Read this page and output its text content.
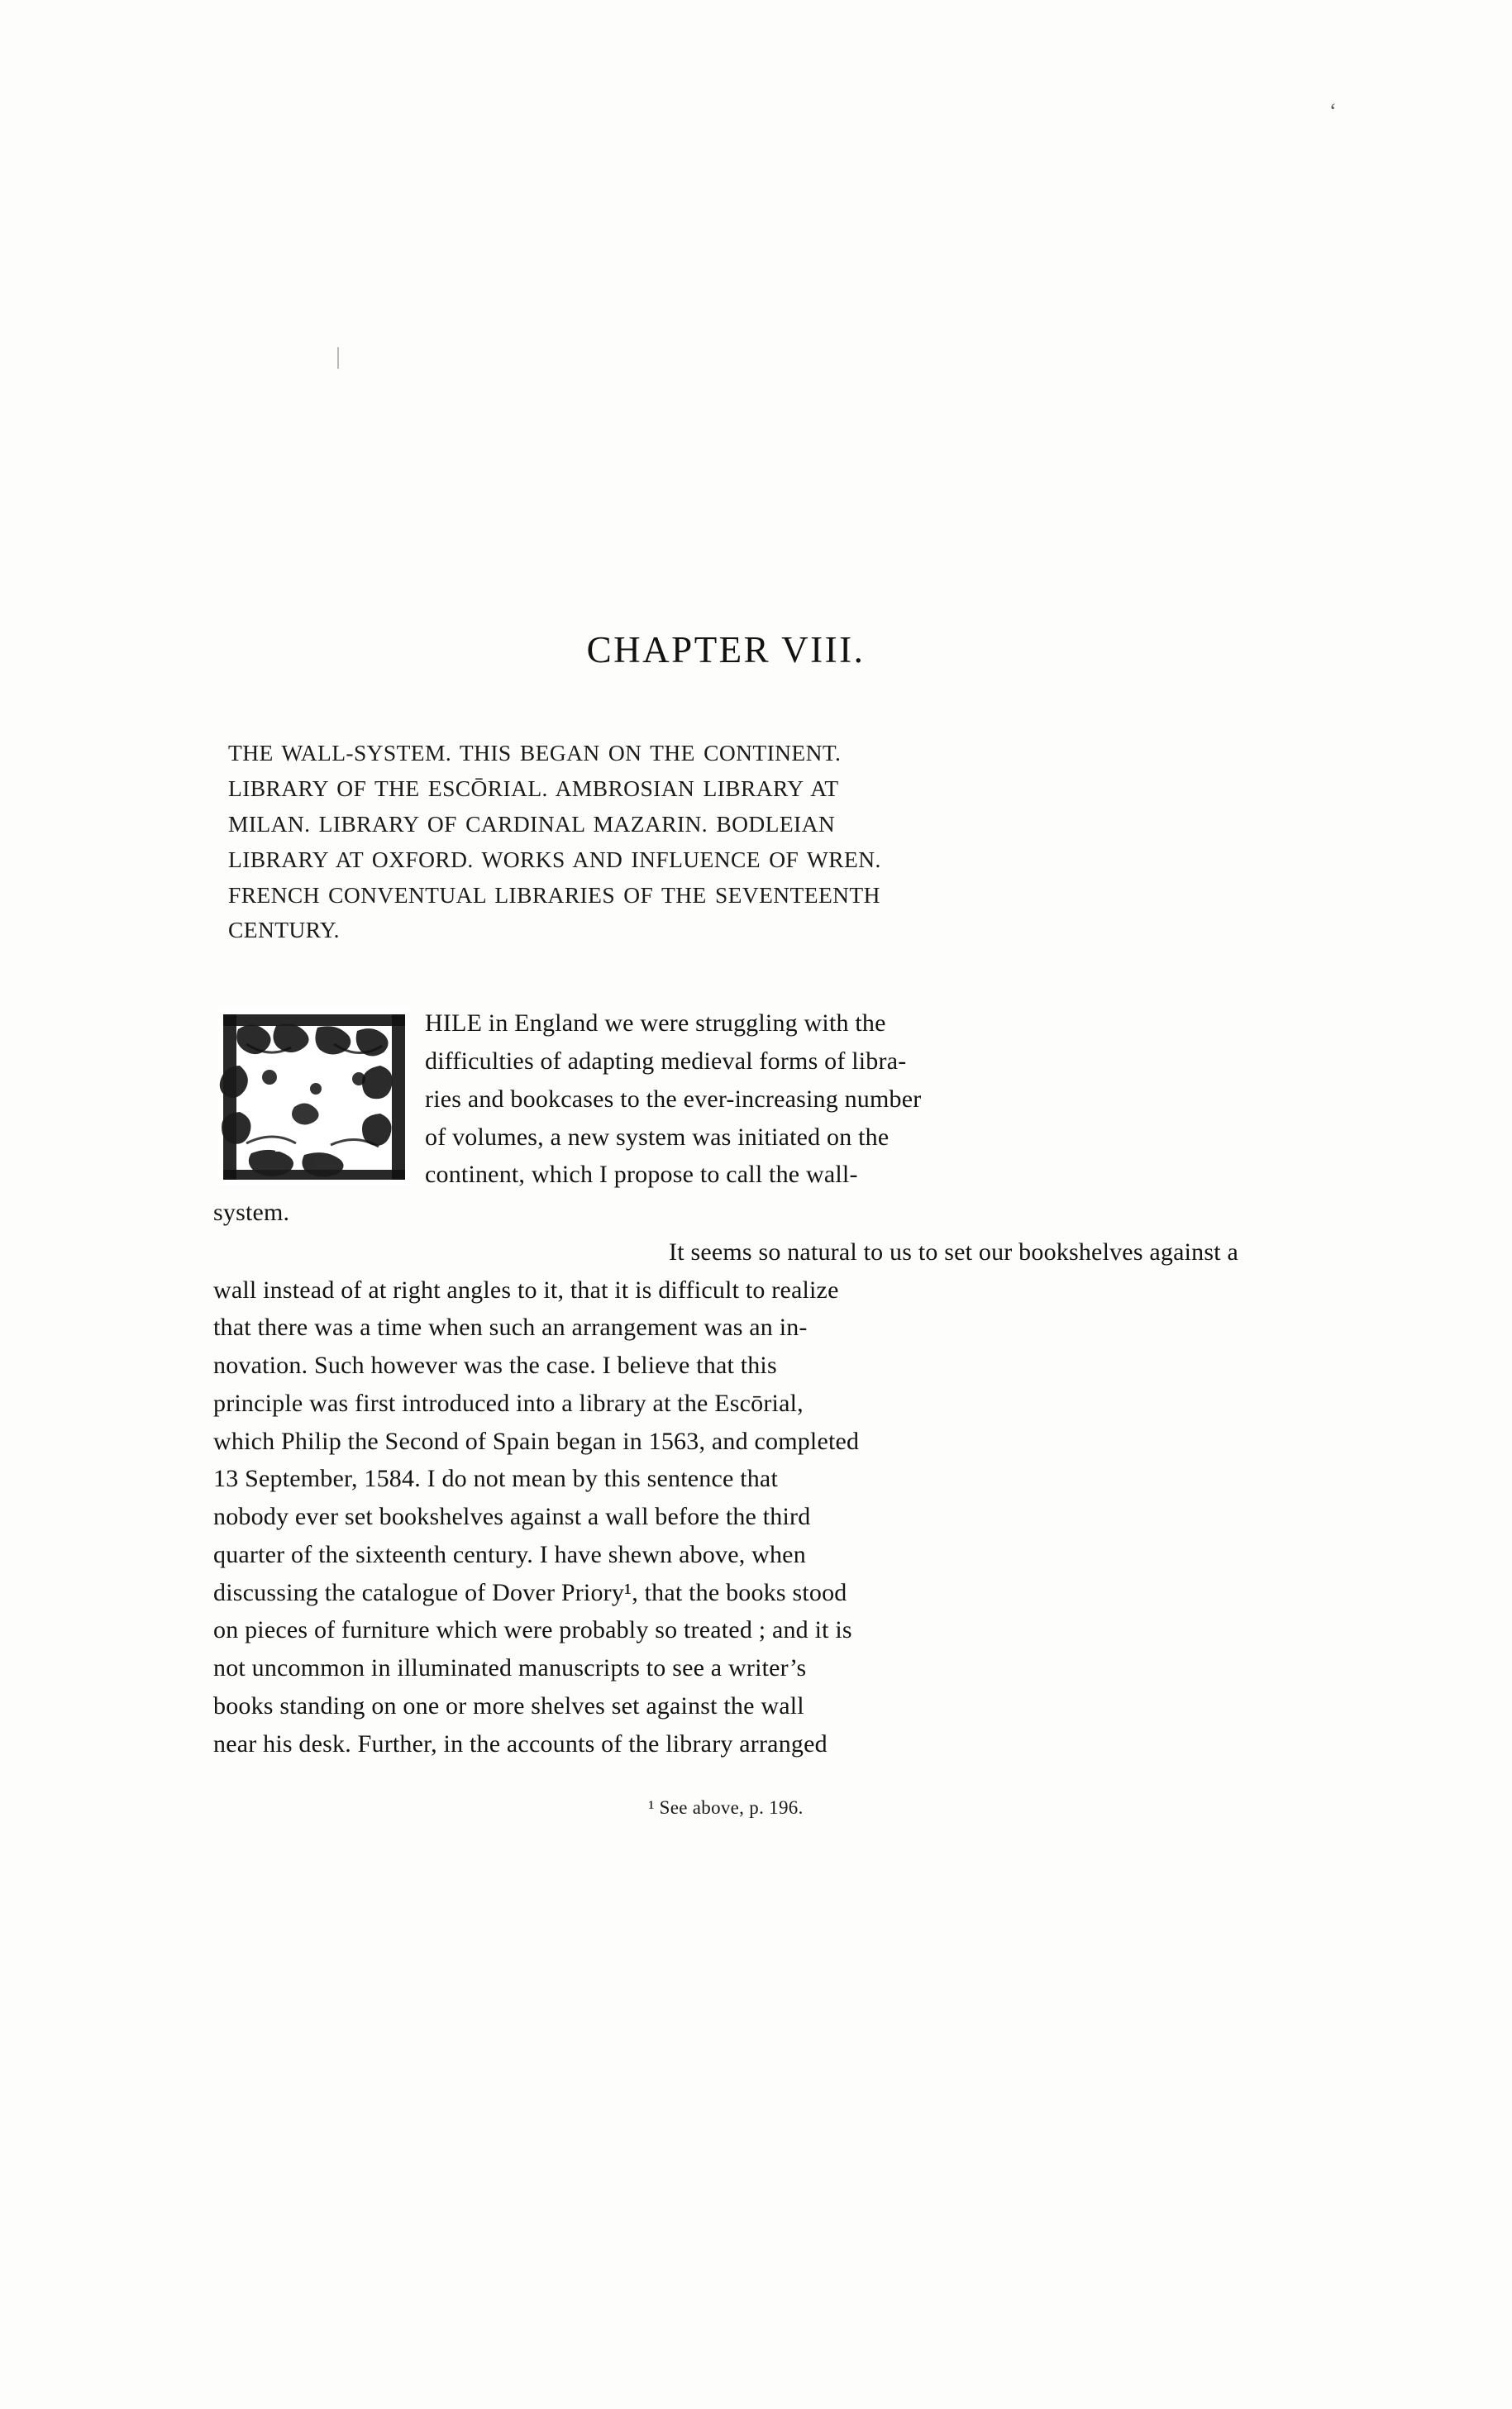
‘
CHAPTER VIII.
THE WALL-SYSTEM. THIS BEGAN ON THE CONTINENT.
LIBRARY OF THE ESCŌRIAL. AMBROSIAN LIBRARY AT
MILAN. LIBRARY OF CARDINAL MAZARIN. BODLEIAN
LIBRARY AT OXFORD. WORKS AND INFLUENCE OF WREN.
FRENCH CONVENTUAL LIBRARIES OF THE SEVENTEENTH
CENTURY.
HILE in England we were struggling with the
difficulties of adapting medieval forms of libra-
ries and bookcases to the ever-increasing number
of volumes, a new system was initiated on the
continent, which I propose to call the wall-
system.
It seems so natural to us to set our bookshelves against a
wall instead of at right angles to it, that it is difficult to realize
that there was a time when such an arrangement was an in-
novation. Such however was the case. I believe that this
principle was first introduced into a library at the Escōrial,
which Philip the Second of Spain began in 1563, and completed
13 September, 1584. I do not mean by this sentence that
nobody ever set bookshelves against a wall before the third
quarter of the sixteenth century. I have shewn above, when
discussing the catalogue of Dover Priory¹, that the books stood
on pieces of furniture which were probably so treated ; and it is
not uncommon in illuminated manuscripts to see a writer’s
books standing on one or more shelves set against the wall
near his desk. Further, in the accounts of the library arranged
¹ See above, p. 196.
